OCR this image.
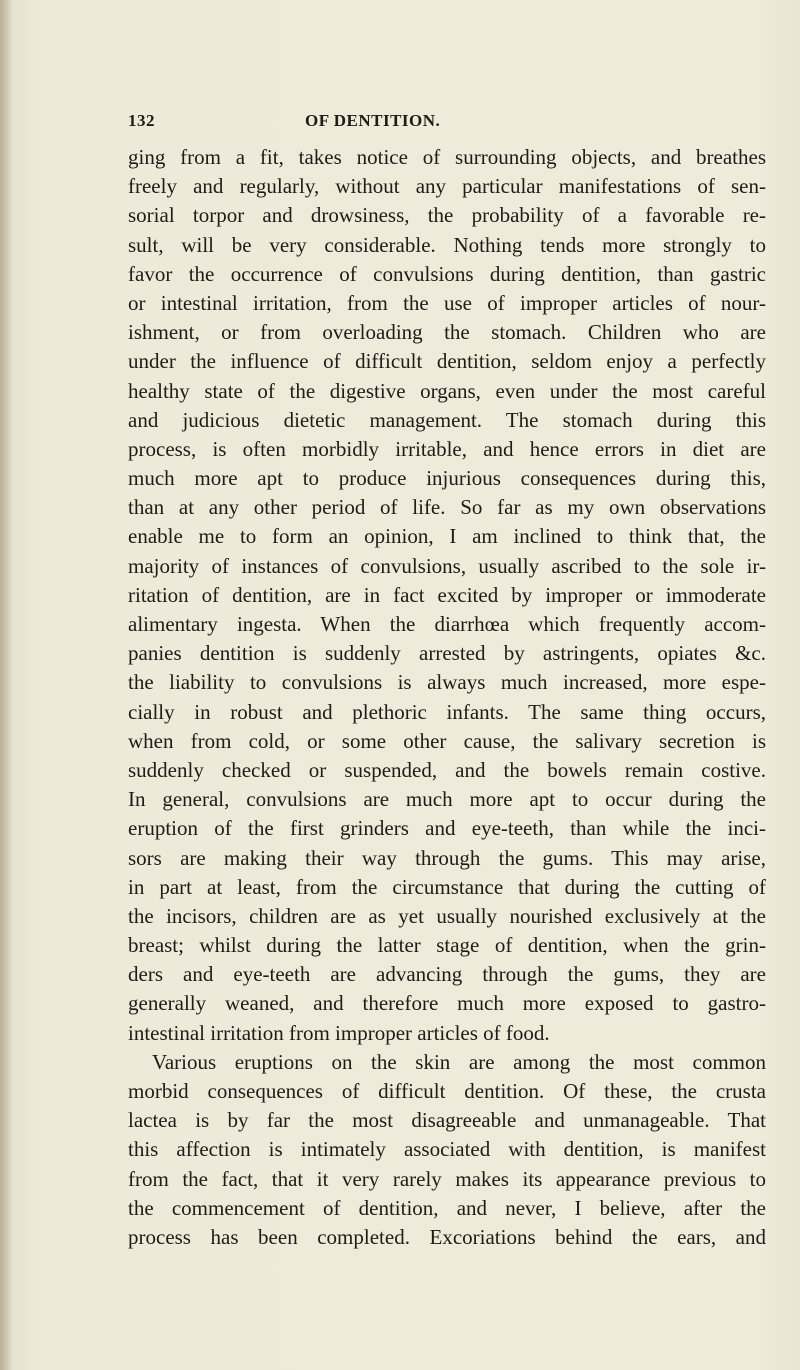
132	OF DENTITION.
ging from a fit, takes notice of surrounding objects, and breathes
freely and regularly, without any particular manifestations of sen-
sorial torpor and drowsiness, the probability of a favorable re-
sult, will be very considerable. Nothing tends more strongly to
favor the occurrence of convulsions during dentition, than gastric
or intestinal irritation, from the use of improper articles of nour-
ishment, or from overloading the stomach. Children who are
under the influence of difficult dentition, seldom enjoy a perfectly
healthy state of the digestive organs, even under the most careful
and judicious dietetic management. The stomach during this
process, is often morbidly irritable, and hence errors in diet are
much more apt to produce injurious consequences during this,
than at any other period of life. So far as my own observations
enable me to form an opinion, I am inclined to think that, the
majority of instances of convulsions, usually ascribed to the sole ir-
ritation of dentition, are in fact excited by improper or immoderate
alimentary ingesta. When the diarrhœa which frequently accom-
panies dentition is suddenly arrested by astringents, opiates &c.
the liability to convulsions is always much increased, more espe-
cially in robust and plethoric infants. The same thing occurs,
when from cold, or some other cause, the salivary secretion is
suddenly checked or suspended, and the bowels remain costive.
In general, convulsions are much more apt to occur during the
eruption of the first grinders and eye-teeth, than while the inci-
sors are making their way through the gums. This may arise,
in part at least, from the circumstance that during the cutting of
the incisors, children are as yet usually nourished exclusively at the
breast; whilst during the latter stage of dentition, when the grin-
ders and eye-teeth are advancing through the gums, they are
generally weaned, and therefore much more exposed to gastro-
intestinal irritation from improper articles of food.
Various eruptions on the skin are among the most common
morbid consequences of difficult dentition. Of these, the crusta
lactea is by far the most disagreeable and unmanageable. That
this affection is intimately associated with dentition, is manifest
from the fact, that it very rarely makes its appearance previous to
the commencement of dentition, and never, I believe, after the
process has been completed. Excoriations behind the ears, and
